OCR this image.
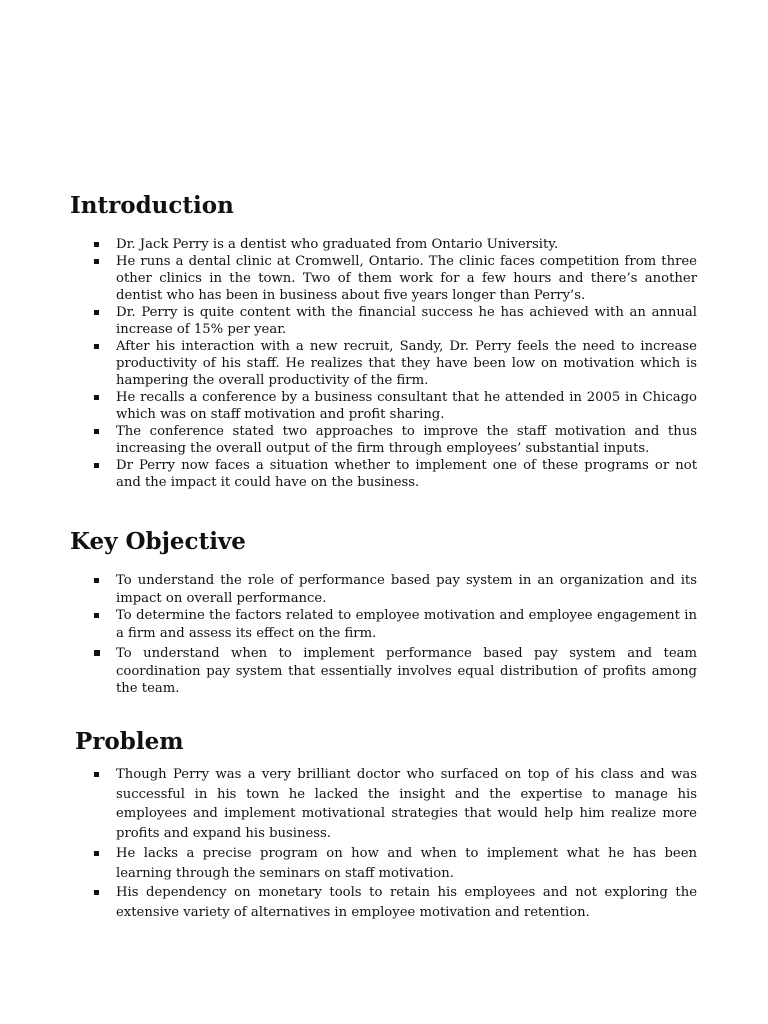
Introduction
Dr. Jack Perry is a dentist who graduated from Ontario University.
He runs a dental clinic at Cromwell, Ontario. The clinic faces competition from three other clinics in the town. Two of them work for a few hours and there’s another dentist who has been in business about five years longer than Perry’s.
Dr. Perry is quite content with the financial success he has achieved with an annual increase of 15% per year.
After his interaction with a new recruit, Sandy, Dr. Perry feels the need to increase productivity of his staff. He realizes that they have been low on motivation which is hampering the overall productivity of the firm.
He recalls a conference by a business consultant that he attended in 2005 in Chicago which was on staff motivation and profit sharing.
The conference stated two approaches to improve the staff motivation and thus increasing the overall output of the firm through employees’ substantial inputs.
Dr Perry now faces a situation whether to implement one of these programs or not and the impact it could have on the business.
Key Objective
To understand the role of performance based pay system in an organization and its impact on overall performance.
To determine the factors related to employee motivation and employee engagement in a firm and assess its effect on the firm.
To understand when to implement performance based pay system and team coordination pay system that essentially involves equal distribution of profits among the team.
Problem
Though Perry was a very brilliant doctor who surfaced on top of his class and was successful in his town he lacked the insight and the expertise to manage his employees and implement motivational strategies that would help him realize more profits and expand his business.
He lacks a precise program on how and when to implement what he has been learning through the seminars on staff motivation.
His dependency on monetary tools to retain his employees and not exploring the extensive variety of alternatives in employee motivation and retention.
